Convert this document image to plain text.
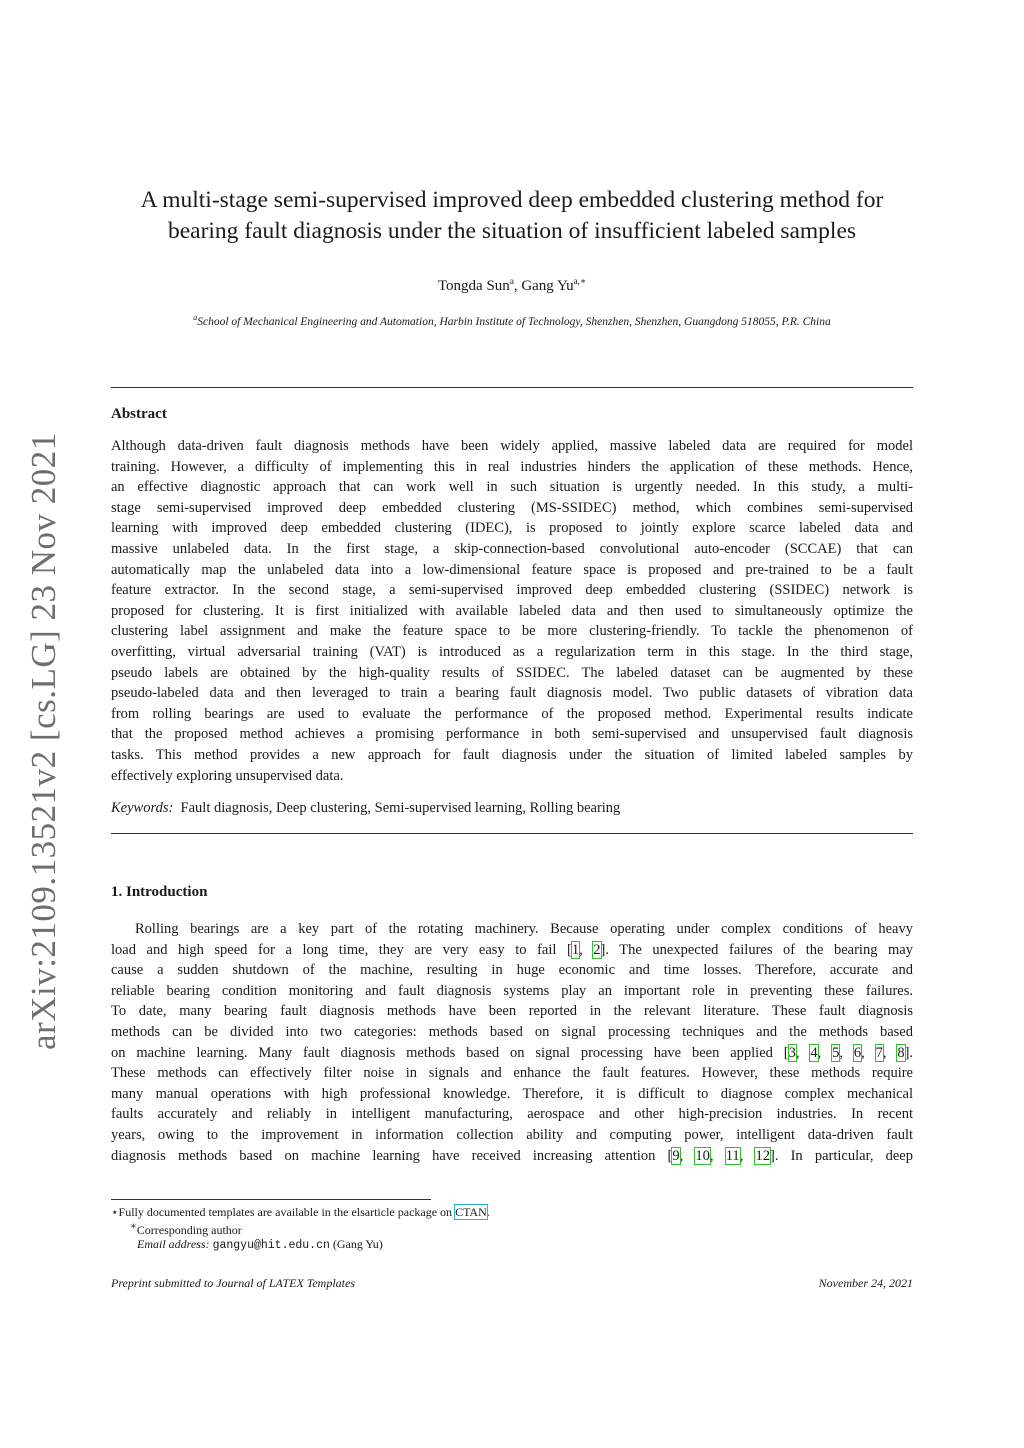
arXiv:2109.13521v2 [cs.LG] 23 Nov 2021
A multi-stage semi-supervised improved deep embedded clustering method for
bearing fault diagnosis under the situation of insufficient labeled samples
Tongda Sun$^a$, Gang $Yu^{a,∗}$
$^a$School of Mechanical Engineering and Automation, Harbin Institute of Technology, Shenzhen, Shenzhen, Guangdong 518055, P.R. China
Abstract
Although data-driven fault diagnosis methods have been widely applied, massive labeled data are required for model
training. However, a difficulty of implementing this in real industries hinders the application of these methods. Hence,
an effective diagnostic approach that can work well in such situation is urgently needed. In this study, a multi-
stage semi-supervised improved deep embedded clustering (MS-SSIDEC) method, which combines semi-supervised
learning with improved deep embedded clustering (IDEC), is proposed to jointly explore scarce labeled data and
massive unlabeled data. In the first stage, a skip-connection-based convolutional auto-encoder (SCCAE) that can
automatically map the unlabeled data into a low-dimensional feature space is proposed and pre-trained to be a fault
feature extractor. In the second stage, a semi-supervised improved deep embedded clustering (SSIDEC) network is
proposed for clustering. It is first initialized with available labeled data and then used to simultaneously optimize the
clustering label assignment and make the feature space to be more clustering-friendly. To tackle the phenomenon of
overfitting, virtual adversarial training (VAT) is introduced as a regularization term in this stage. In the third stage,
pseudo labels are obtained by the high-quality results of SSIDEC. The labeled dataset can be augmented by these
pseudo-labeled data and then leveraged to train a bearing fault diagnosis model. Two public datasets of vibration data
from rolling bearings are used to evaluate the performance of the proposed method. Experimental results indicate
that the proposed method achieves a promising performance in both semi-supervised and unsupervised fault diagnosis
tasks. This method provides a new approach for fault diagnosis under the situation of limited labeled samples by
effectively exploring unsupervised data.
Keywords: Fault diagnosis, Deep clustering, Semi-supervised learning, Rolling bearing
1. Introduction
Rolling bearings are a key part of the rotating machinery. Because operating under complex conditions of heavy
load and high speed for a long time, they are very easy to fail [1, 2]. The unexpected failures of the bearing may
cause a sudden shutdown of the machine, resulting in huge economic and time losses. Therefore, accurate and
reliable bearing condition monitoring and fault diagnosis systems play an important role in preventing these failures.
To date, many bearing fault diagnosis methods have been reported in the relevant literature. These fault diagnosis
methods can be divided into two categories: methods based on signal processing techniques and the methods based
on machine learning. Many fault diagnosis methods based on signal processing have been applied [3, 4, 5, 6, 7, 8].
These methods can effectively filter noise in signals and enhance the fault features. However, these methods require
many manual operations with high professional knowledge. Therefore, it is difficult to diagnose complex mechanical
faults accurately and reliably in intelligent manufacturing, aerospace and other high-precision industries. In recent
years, owing to the improvement in information collection ability and computing power, intelligent data-driven fault
diagnosis methods based on machine learning have received increasing attention [9, 10, 11, 12]. In particular, deep
⋆Fully documented templates are available in the elsarticle package on CTAN.
∗Corresponding author
Email address: gangyu@hit.edu.cn (Gang Yu)
Preprint submitted to Journal of LATEX Templates	November 24, 2021
